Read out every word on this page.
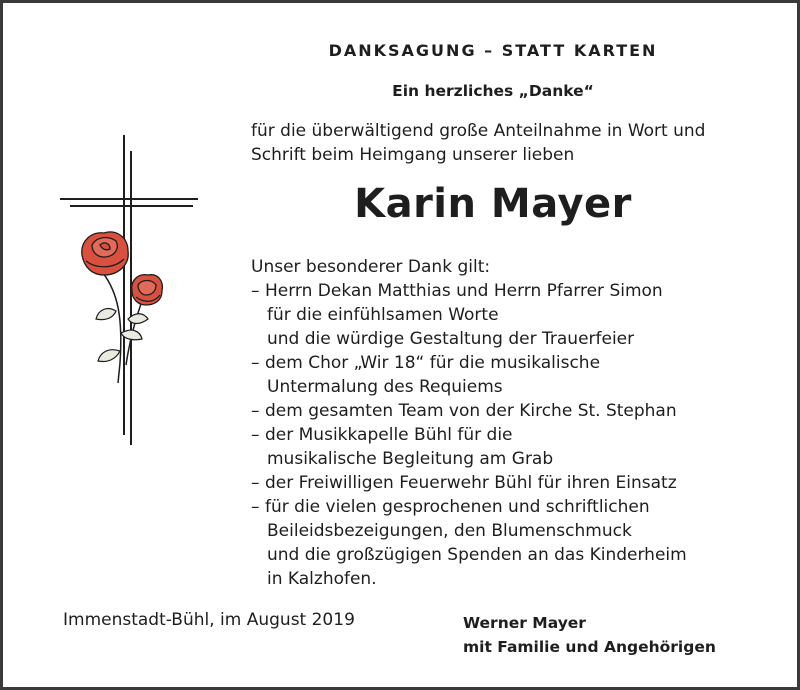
DANKSAGUNG – STATT KARTEN
Ein herzliches „Danke“
für die überwältigend große Anteilnahme in Wort und
Schrift beim Heimgang unserer lieben
Karin Mayer
Unser besonderer Dank gilt:
– Herrn Dekan Matthias und Herrn Pfarrer Simon
für die einfühlsamen Worte
und die würdige Gestaltung der Trauerfeier
– dem Chor „Wir 18“ für die musikalische
Untermalung des Requiems
– dem gesamten Team von der Kirche St. Stephan
– der Musikkapelle Bühl für die
musikalische Begleitung am Grab
– der Freiwilligen Feuerwehr Bühl für ihren Einsatz
– für die vielen gesprochenen und schriftlichen
Beileidsbezeigungen, den Blumenschmuck
und die großzügigen Spenden an das Kinderheim
in Kalzhofen.
Immenstadt-Bühl, im August 2019	Werner Mayer
mit Familie und Angehörigen
